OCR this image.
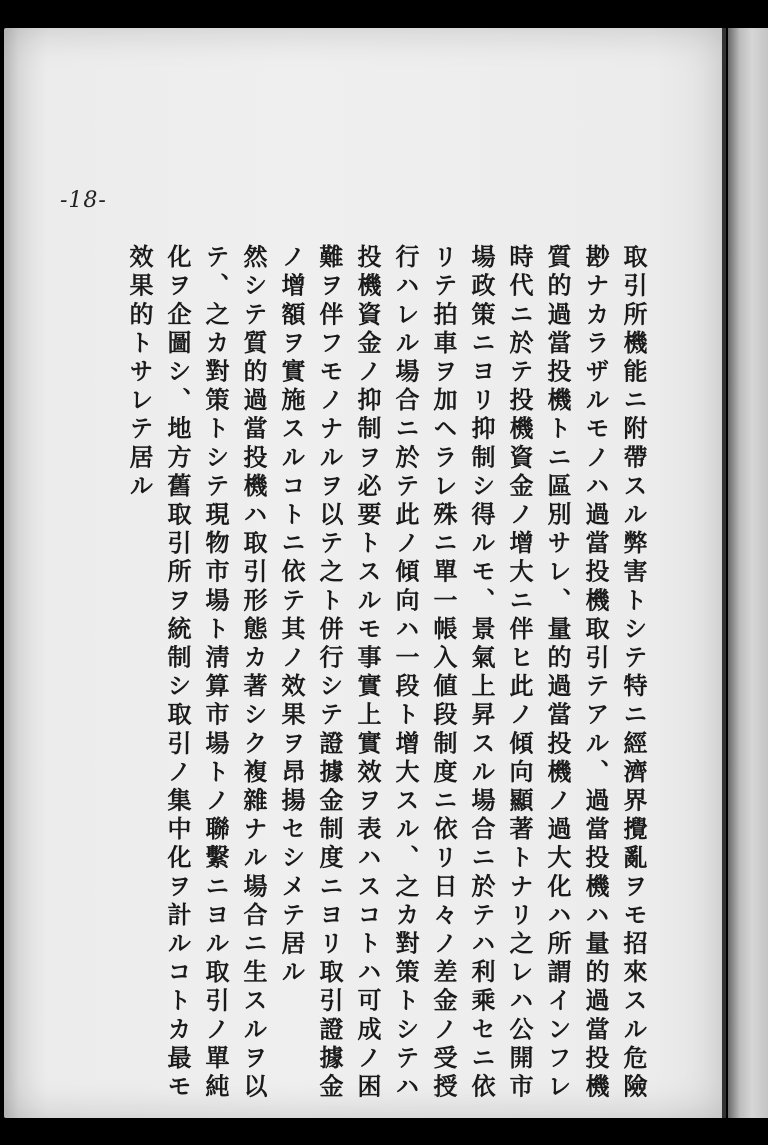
-18-
取引所機能ニ附帶スル弊害トシテ特ニ經濟界攪亂ヲモ招來スル危險
尠ナカラザルモノハ過當投機取引テアル、過當投機ハ量的過當投機
質的過當投機トニ區別サレ、量的過當投機ノ過大化ハ所謂インフレ
時代ニ於テ投機資金ノ增大ニ伴ヒ此ノ傾向顯著トナリ之レハ公開市
場政策ニヨリ抑制シ得ルモ、景氣上昇スル場合ニ於テハ利乘セニ依
リテ拍車ヲ加ヘラレ殊ニ單一帳入値段制度ニ依リ日々ノ差金ノ受授
行ハレル場合ニ於テ此ノ傾向ハ一段ト增大スル、之カ對策トシテハ
投機資金ノ抑制ヲ必要トスルモ事實上實效ヲ表ハスコトハ可成ノ困
難ヲ伴フモノナルヲ以テ之ト併行シテ證據金制度ニヨリ取引證據金
ノ增額ヲ實施スルコトニ依テ其ノ效果ヲ昂揚セシメテ居ル
然シテ質的過當投機ハ取引形態カ著シク複雜ナル場合ニ生スルヲ以
テ、之カ對策トシテ現物市場ト淸算市場トノ聯繫ニヨル取引ノ單純
化ヲ企圖シ、地方舊取引所ヲ統制シ取引ノ集中化ヲ計ルコトカ最モ
效果的トサレテ居ル
